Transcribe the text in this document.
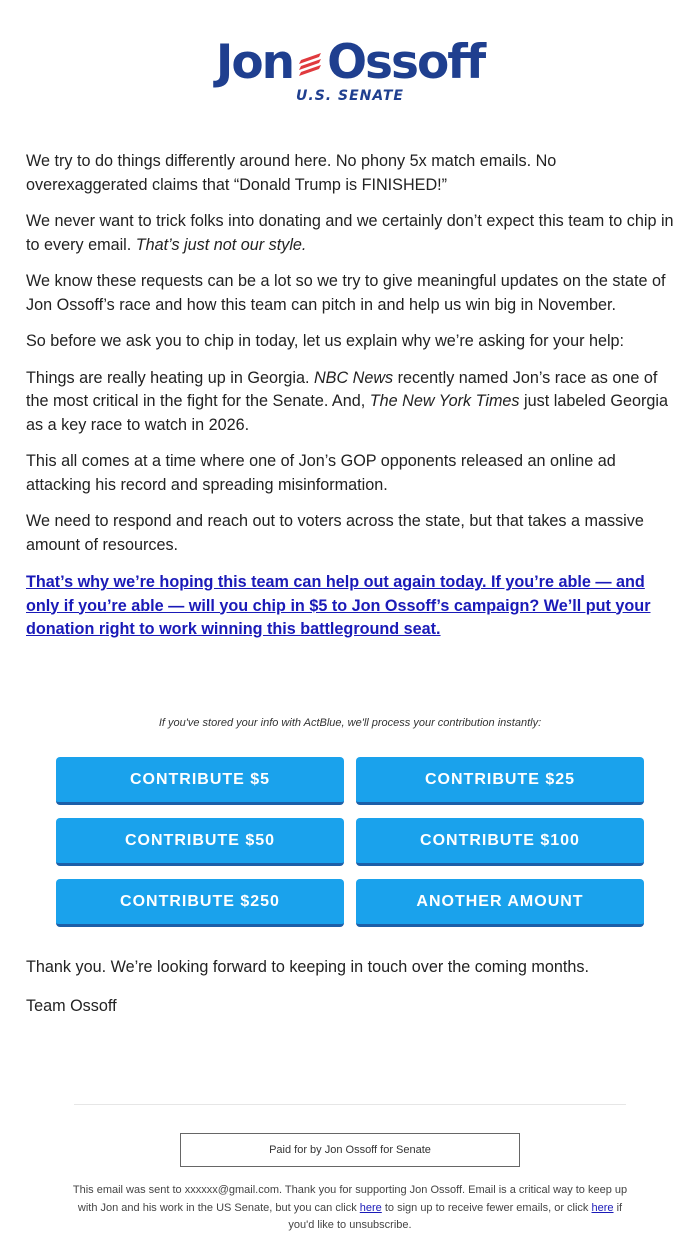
Jon Ossoff
U.S. SENATE

We try to do things differently around here. No phony 5x match emails. No overexaggerated claims that “Donald Trump is FINISHED!”

We never want to trick folks into donating and we certainly don’t expect this team to chip in to every email. That’s just not our style.

We know these requests can be a lot so we try to give meaningful updates on the state of Jon Ossoff’s race and how this team can pitch in and help us win big in November.

So before we ask you to chip in today, let us explain why we’re asking for your help:

Things are really heating up in Georgia. NBC News recently named Jon’s race as one of the most critical in the fight for the Senate. And, The New York Times just labeled Georgia as a key race to watch in 2026.

This all comes at a time where one of Jon’s GOP opponents released an online ad attacking his record and spreading misinformation.

We need to respond and reach out to voters across the state, but that takes a massive amount of resources.

That’s why we’re hoping this team can help out again today. If you’re able — and only if you’re able — will you chip in $5 to Jon Ossoff’s campaign? We’ll put your donation right to work winning this battleground seat.

If you've stored your info with ActBlue, we'll process your contribution instantly:
CONTRIBUTE $5	CONTRIBUTE $25
CONTRIBUTE $50	CONTRIBUTE $100
CONTRIBUTE $250	ANOTHER AMOUNT

Thank you. We’re looking forward to keeping in touch over the coming months.

Team Ossoff

Paid for by Jon Ossoff for Senate
This email was sent to xxxxxx@gmail.com. Thank you for supporting Jon Ossoff. Email is a critical way to keep up with Jon and his work in the US Senate, but you can click here to sign up to receive fewer emails, or click here if you'd like to unsubscribe.
